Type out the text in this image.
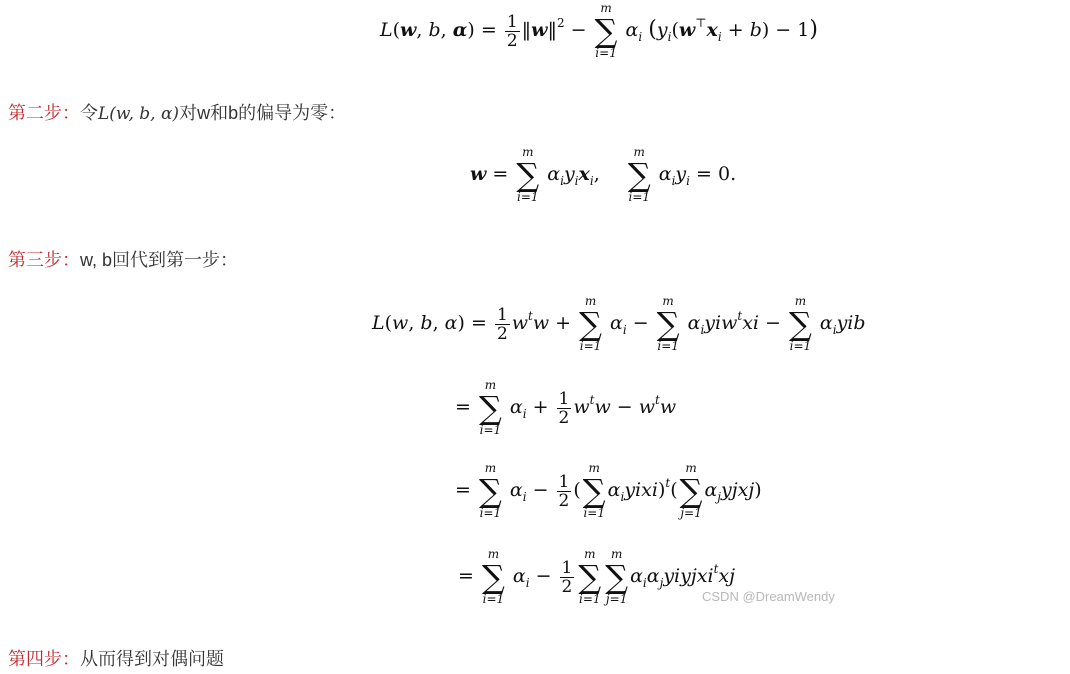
L(w, b, $\alpha) = \frac{1}{2}$ ‖w‖$^2$ −
m
∑
i=1
$\alpha_i$ $(y_i(w^⊤x_i + b) - 1)$
第二步：令L(w, b, α)对w和b的偏导为零：
w =
m
∑
i=1
$\alpha_iy_ix_i$,
m
∑
i=1
$\alpha_iy_i = 0$.
第三步：w, b回代到第一步：
L(w, b, $\alpha) = \frac{1}{2} w^tw$ +
m
∑
i=1
$\alpha_i$ −
m
∑
i=1
$\alpha_iyiw^txi$ −
m
∑
i=1
$\alpha_iyib$
=
m
∑
i=1
$\alpha_i + \frac{1}{2} w^tw - w^tw$
=
m
∑
i=1
$\alpha_i - \frac{1}{2}$ (
m
∑
i=1
$\alpha_iyixi)^t$(
m
∑
j=1
$\alpha_jyjxj$)
=
m
∑
i=1
$\alpha_i - \frac{1}{2}$
m
∑
i=1
m
∑
j=1
$\alpha_i\alpha_jyiyjxi^txj$
CSDN @DreamWendy
第四步：从而得到对偶问题
